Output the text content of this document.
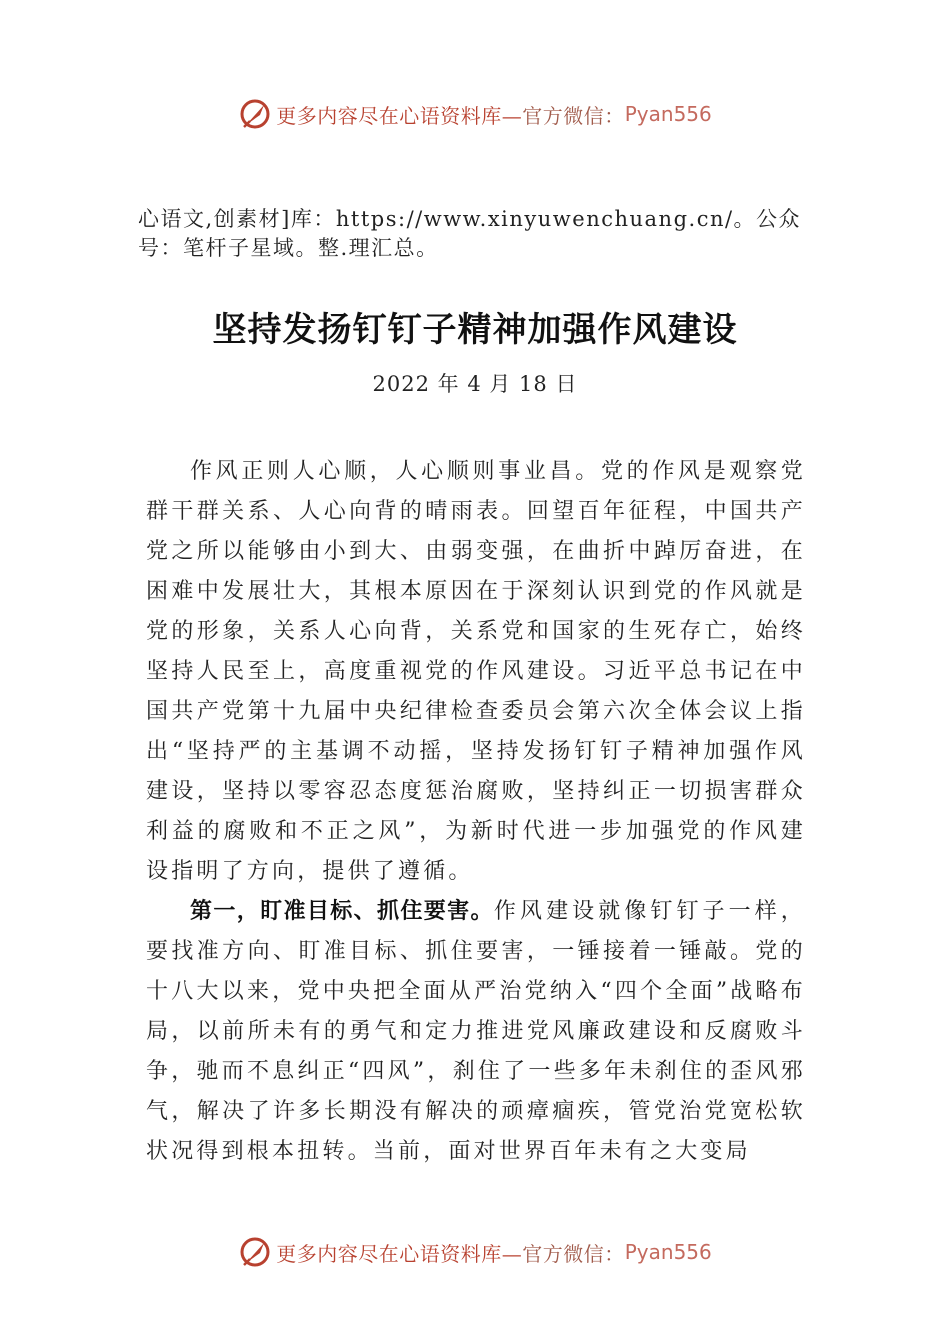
更多内容尽在心语资料库— 官方微信： Pyan556
心语文,创素材]库：https://www.xinyuwenchuang.cn/。公众号：笔杆子星域。整.理汇总。
坚持发扬钉钉子精神加强作风建设
2022 年 4 月 18 日

作风正则人心顺，人心顺则事业昌。党的作风是观察党群干群关系、人心向背的晴雨表。回望百年征程，中国共产党之所以能够由小到大、由弱变强，在曲折中踔厉奋进，在困难中发展壮大，其根本原因在于深刻认识到党的作风就是党的形象，关系人心向背，关系党和国家的生死存亡，始终坚持人民至上，高度重视党的作风建设。习近平总书记在中国共产党第十九届中央纪律检查委员会第六次全体会议上指出“坚持严的主基调不动摇，坚持发扬钉钉子精神加强作风建设，坚持以零容忍态度惩治腐败，坚持纠正一切损害群众利益的腐败和不正之风”，为新时代进一步加强党的作风建设指明了方向，提供了遵循。

第一，盯准目标、抓住要害。作风建设就像钉钉子一样，要找准方向、盯准目标、抓住要害，一锤接着一锤敲。党的十八大以来，党中央把全面从严治党纳入“四个全面”战略布局，以前所未有的勇气和定力推进党风廉政建设和反腐败斗争，驰而不息纠正“四风”，刹住了一些多年未刹住的歪风邪气，解决了许多长期没有解决的顽瘴痼疾，管党治党宽松软状况得到根本扭转。当前，面对世界百年未有之大变局

更多内容尽在心语资料库— 官方微信： Pyan556
